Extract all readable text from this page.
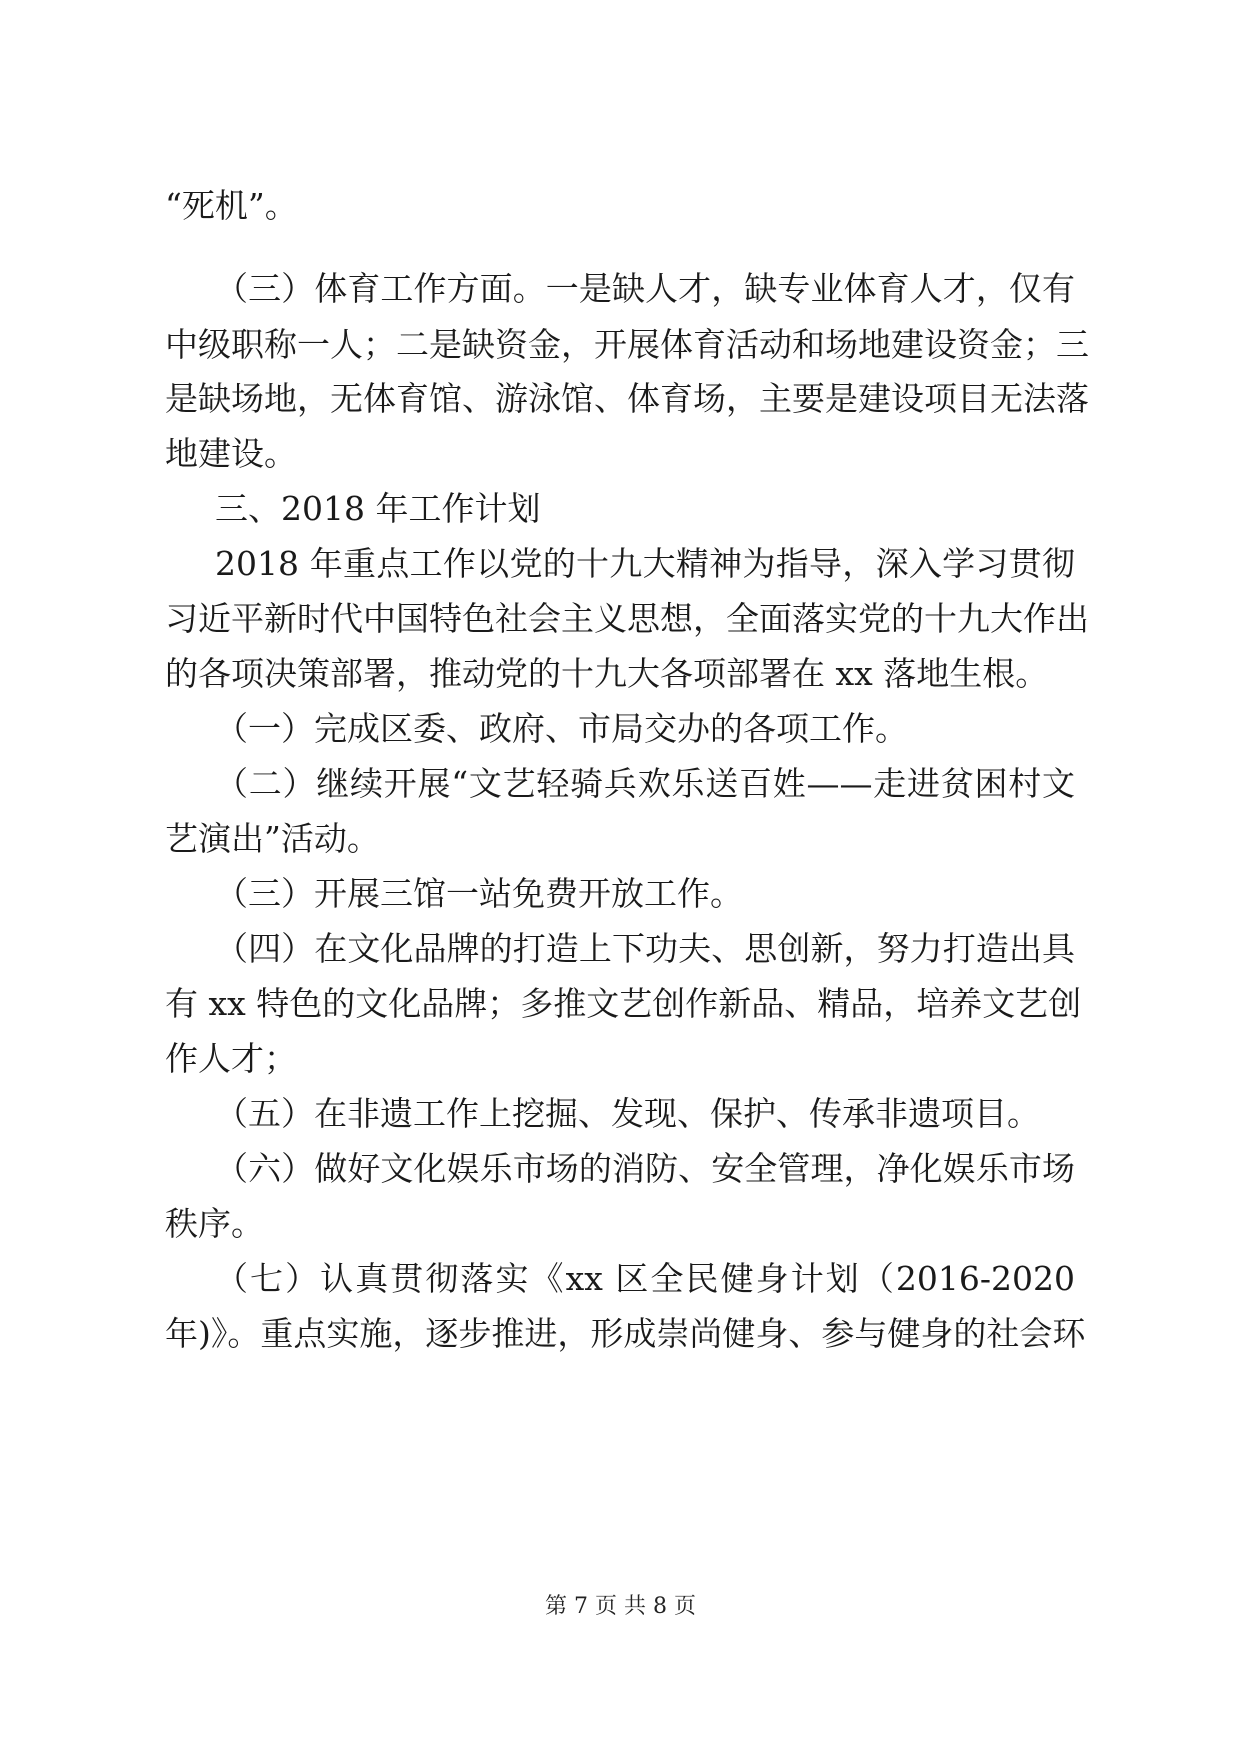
“死机”。
（三）体育工作方面。一是缺人才，缺专业体育人才，仅有
中级职称一人；二是缺资金，开展体育活动和场地建设资金；三
是缺场地，无体育馆、游泳馆、体育场，主要是建设项目无法落
地建设。
三、2018 年工作计划
2018 年重点工作以党的十九大精神为指导，深入学习贯彻
习近平新时代中国特色社会主义思想，全面落实党的十九大作出
的各项决策部署，推动党的十九大各项部署在 xx 落地生根。
（一）完成区委、政府、市局交办的各项工作。
（二）继续开展“文艺轻骑兵欢乐送百姓——走进贫困村文
艺演出”活动。
（三）开展三馆一站免费开放工作。
（四）在文化品牌的打造上下功夫、思创新，努力打造出具
有 xx 特色的文化品牌；多推文艺创作新品、精品，培养文艺创
作人才；
（五）在非遗工作上挖掘、发现、保护、传承非遗项目。
（六）做好文化娱乐市场的消防、安全管理，净化娱乐市场
秩序。
（七）认真贯彻落实《xx 区全民健身计划（2016-2020
年)》。重点实施，逐步推进，形成崇尚健身、参与健身的社会环
第 7 页 共 8 页
